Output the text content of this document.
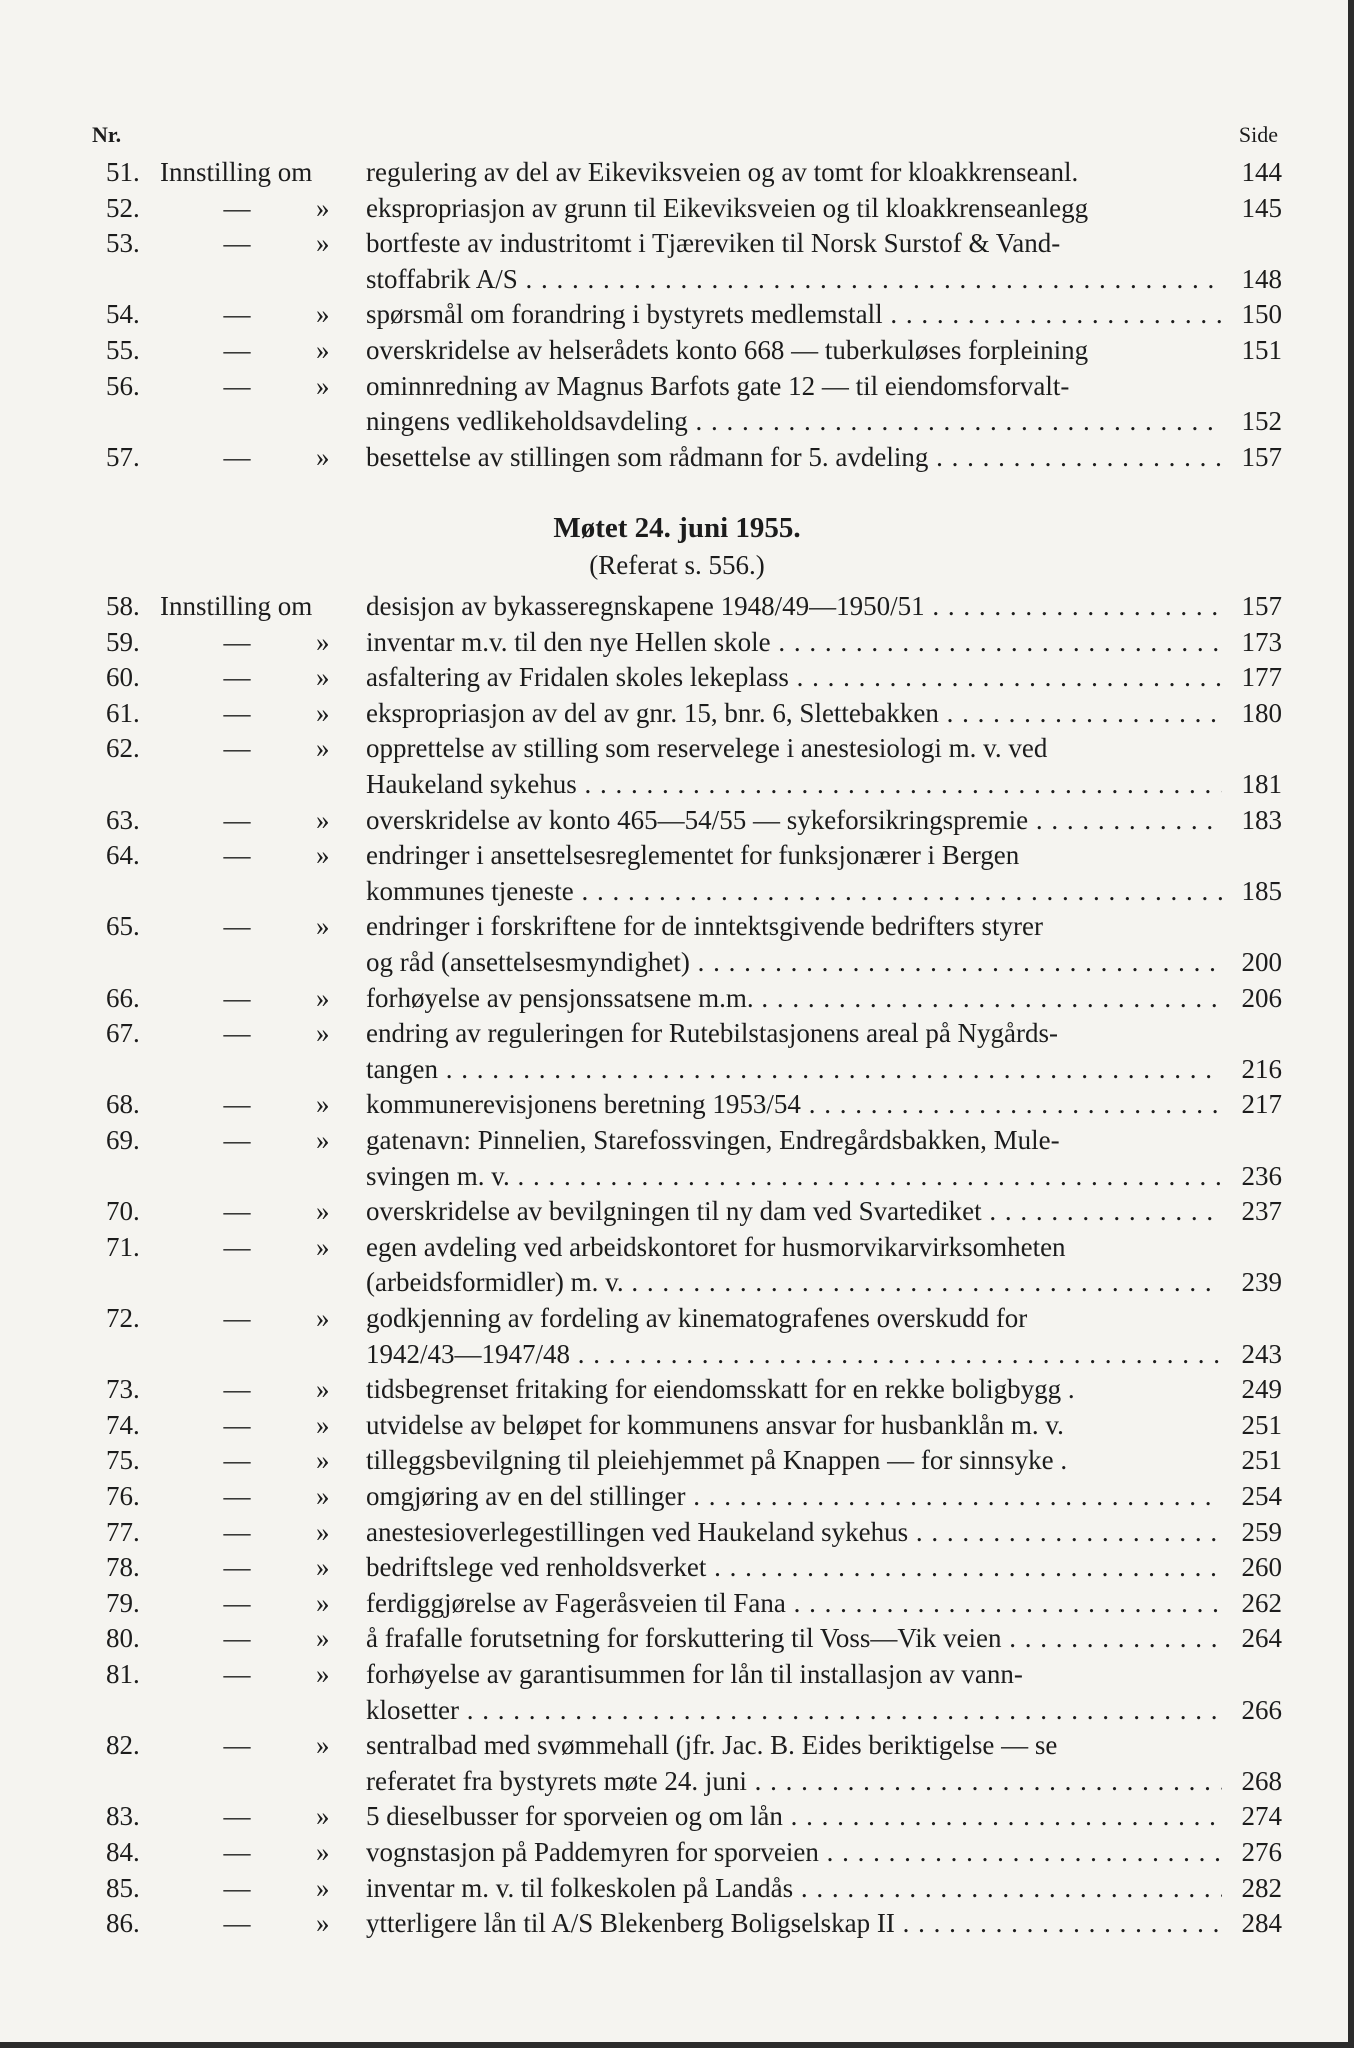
Nr.	Side
51. Innstilling om regulering av del av Eikeviksveien og av tomt for kloakkrenseanl.	144
52.	— » ekspropriasjon av grunn til Eikeviksveien og til kloakkrenseanlegg	145
53.	— » bortfeste av industritomt i Tjæreviken til Norsk Surstof & Vand-
stoffabrik A/S . . .	148
54.	— » spørsmål om forandring i bystyrets medlemstall . . .	150
55.	— » overskridelse av helserådets konto 668 — tuberkuløses forpleining	151
56.	— » ominnredning av Magnus Barfots gate 12 — til eiendomsforvalt-
ningens vedlikeholdsavdeling . . .	152
57.	— » besettelse av stillingen som rådmann for 5. avdeling . . .	157
Møtet 24. juni 1955.
(Referat s. 556.)
58. Innstilling om desisjon av bykasseregnskapene 1948/49—1950/51 . . .	157
59.	— » inventar m.v. til den nye Hellen skole . . .	173
60.	— » asfaltering av Fridalen skoles lekeplass . . .	177
61.	— » ekspropriasjon av del av gnr. 15, bnr. 6, Slettebakken . . .	180
62.	— » opprettelse av stilling som reservelege i anestesiologi m. v. ved
Haukeland sykehus . . .	181
63.	— » overskridelse av konto 465—54/55 — sykeforsikringspremie . . .	183
64.	— » endringer i ansettelsesreglementet for funksjonærer i Bergen
kommunes tjeneste . . .	185
65.	— » endringer i forskriftene for de inntektsgivende bedrifters styrer
og råd (ansettelsesmyndighet) . . .	200
66.	— » forhøyelse av pensjonssatsene m.m. . . .	206
67.	— » endring av reguleringen for Rutebilstasjonens areal på Nygårds-
tangen . . .	216
68.	— » kommunerevisjonens beretning 1953/54 . . .	217
69.	— » gatenavn: Pinnelien, Starefossvingen, Endregårdsbakken, Mule-
svingen m. v. . . .	236
70.	— » overskridelse av bevilgningen til ny dam ved Svartediket . . .	237
71.	— » egen avdeling ved arbeidskontoret for husmorvikarvirksomheten
(arbeidsformidler) m. v. . . .	239
72.	— » godkjenning av fordeling av kinematografenes overskudd for
1942/43—1947/48 . . .	243
73.	— » tidsbegrenset fritaking for eiendomsskatt for en rekke boligbygg .	249
74.	— » utvidelse av beløpet for kommunens ansvar for husbanklån m. v.	251
75.	— » tilleggsbevilgning til pleiehjemmet på Knappen — for sinnsyke .	251
76.	— » omgjøring av en del stillinger . . .	254
77.	— » anestesioverlegestillingen ved Haukeland sykehus . . .	259
78.	— » bedriftslege ved renholdsverket . . .	260
79.	— » ferdiggjørelse av Fageråsveien til Fana . . .	262
80.	— » å frafalle forutsetning for forskuttering til Voss—Vik veien . . .	264
81.	— » forhøyelse av garantisummen for lån til installasjon av vann-
klosetter . . .	266
82.	— » sentralbad med svømmehall (jfr. Jac. B. Eides beriktigelse — se
referatet fra bystyrets møte 24. juni . . .	268
83.	— » 5 dieselbusser for sporveien og om lån . . .	274
84.	— » vognstasjon på Paddemyren for sporveien . . .	276
85.	— » inventar m. v. til folkeskolen på Landås . . .	282
86.	— » ytterligere lån til A/S Blekenberg Boligselskap II . . .	284
